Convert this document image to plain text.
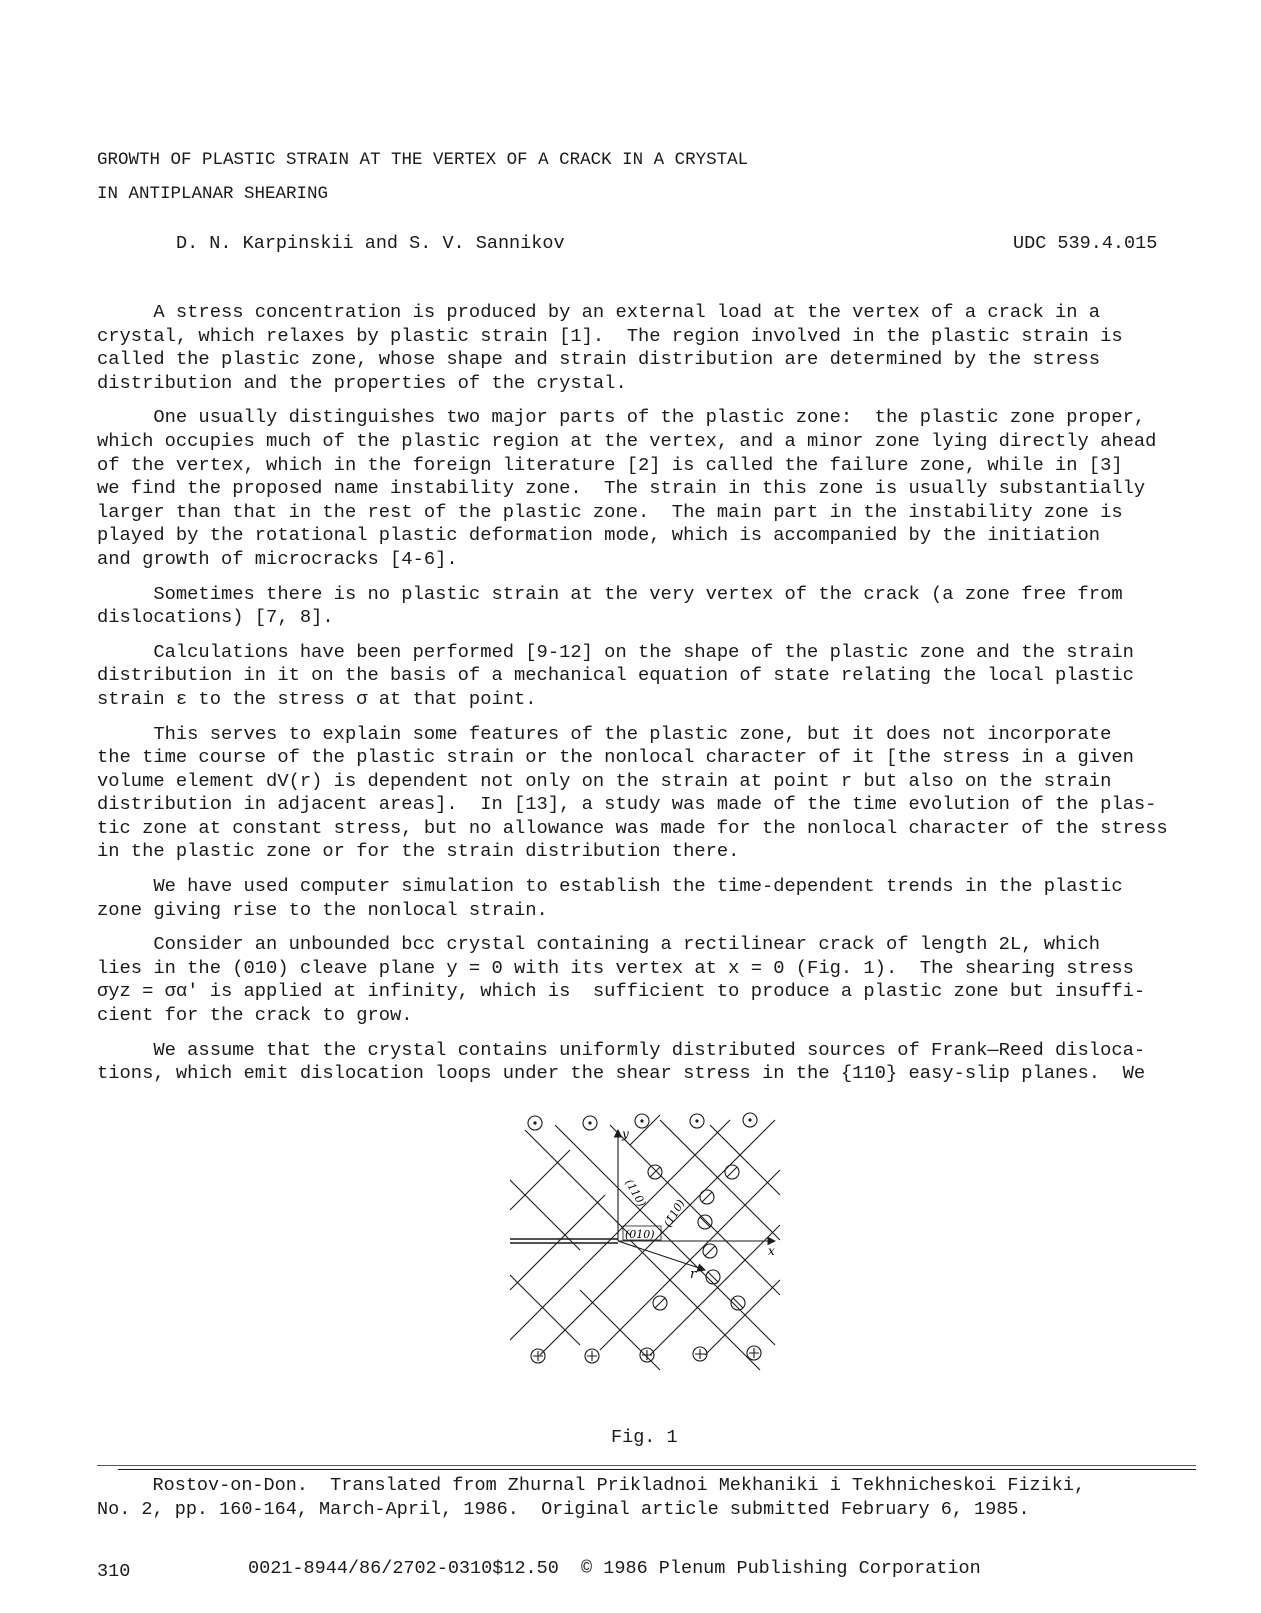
GROWTH OF PLASTIC STRAIN AT THE VERTEX OF A CRACK IN A CRYSTAL
IN ANTIPLANAR SHEARING
D. N. Karpinskii and S. V. Sannikov	UDC 539.4.015

A stress concentration is produced by an external load at the vertex of a crack in a
crystal, which relaxes by plastic strain [1].  The region involved in the plastic strain is
called the plastic zone, whose shape and strain distribution are determined by the stress
distribution and the properties of the crystal.

One usually distinguishes two major parts of the plastic zone:  the plastic zone proper,
which occupies much of the plastic region at the vertex, and a minor zone lying directly ahead
of the vertex, which in the foreign literature [2] is called the failure zone, while in [3]
we find the proposed name instability zone.  The strain in this zone is usually substantially
larger than that in the rest of the plastic zone.  The main part in the instability zone is
played by the rotational plastic deformation mode, which is accompanied by the initiation
and growth of microcracks [4-6].

Sometimes there is no plastic strain at the very vertex of the crack (a zone free from
dislocations) [7, 8].

Calculations have been performed [9-12] on the shape of the plastic zone and the strain
distribution in it on the basis of a mechanical equation of state relating the local plastic
strain ε to the stress σ at that point.

This serves to explain some features of the plastic zone, but it does not incorporate
the time course of the plastic strain or the nonlocal character of it [the stress in a given
volume element dV(r) is dependent not only on the strain at point r but also on the strain
distribution in adjacent areas].  In [13], a study was made of the time evolution of the plas-
tic zone at constant stress, but no allowance was made for the nonlocal character of the stress
in the plastic zone or for the strain distribution there.

We have used computer simulation to establish the time-dependent trends in the plastic
zone giving rise to the nonlocal strain.

Consider an unbounded bcc crystal containing a rectilinear crack of length 2L, which
lies in the (010) cleave plane y = 0 with its vertex at x = 0 (Fig. 1).  The shearing stress
σyz = σα' is applied at infinity, which is  sufficient to produce a plastic zone but insuffi-
cient for the crack to grow.

We assume that the crystal contains uniformly distributed sources of Frank—Reed disloca-
tions, which emit dislocation loops under the shear stress in the {110} easy-slip planes.  We

y
x
r
(010)
(110)
(1̄10)
Fig. 1
Rostov-on-Don.  Translated from Zhurnal Prikladnoi Mekhaniki i Tekhnicheskoi Fiziki,
No. 2, pp. 160-164, March-April, 1986.  Original article submitted February 6, 1985.
310	0021-8944/86/2702-0310$12.50  © 1986 Plenum Publishing Corporation
